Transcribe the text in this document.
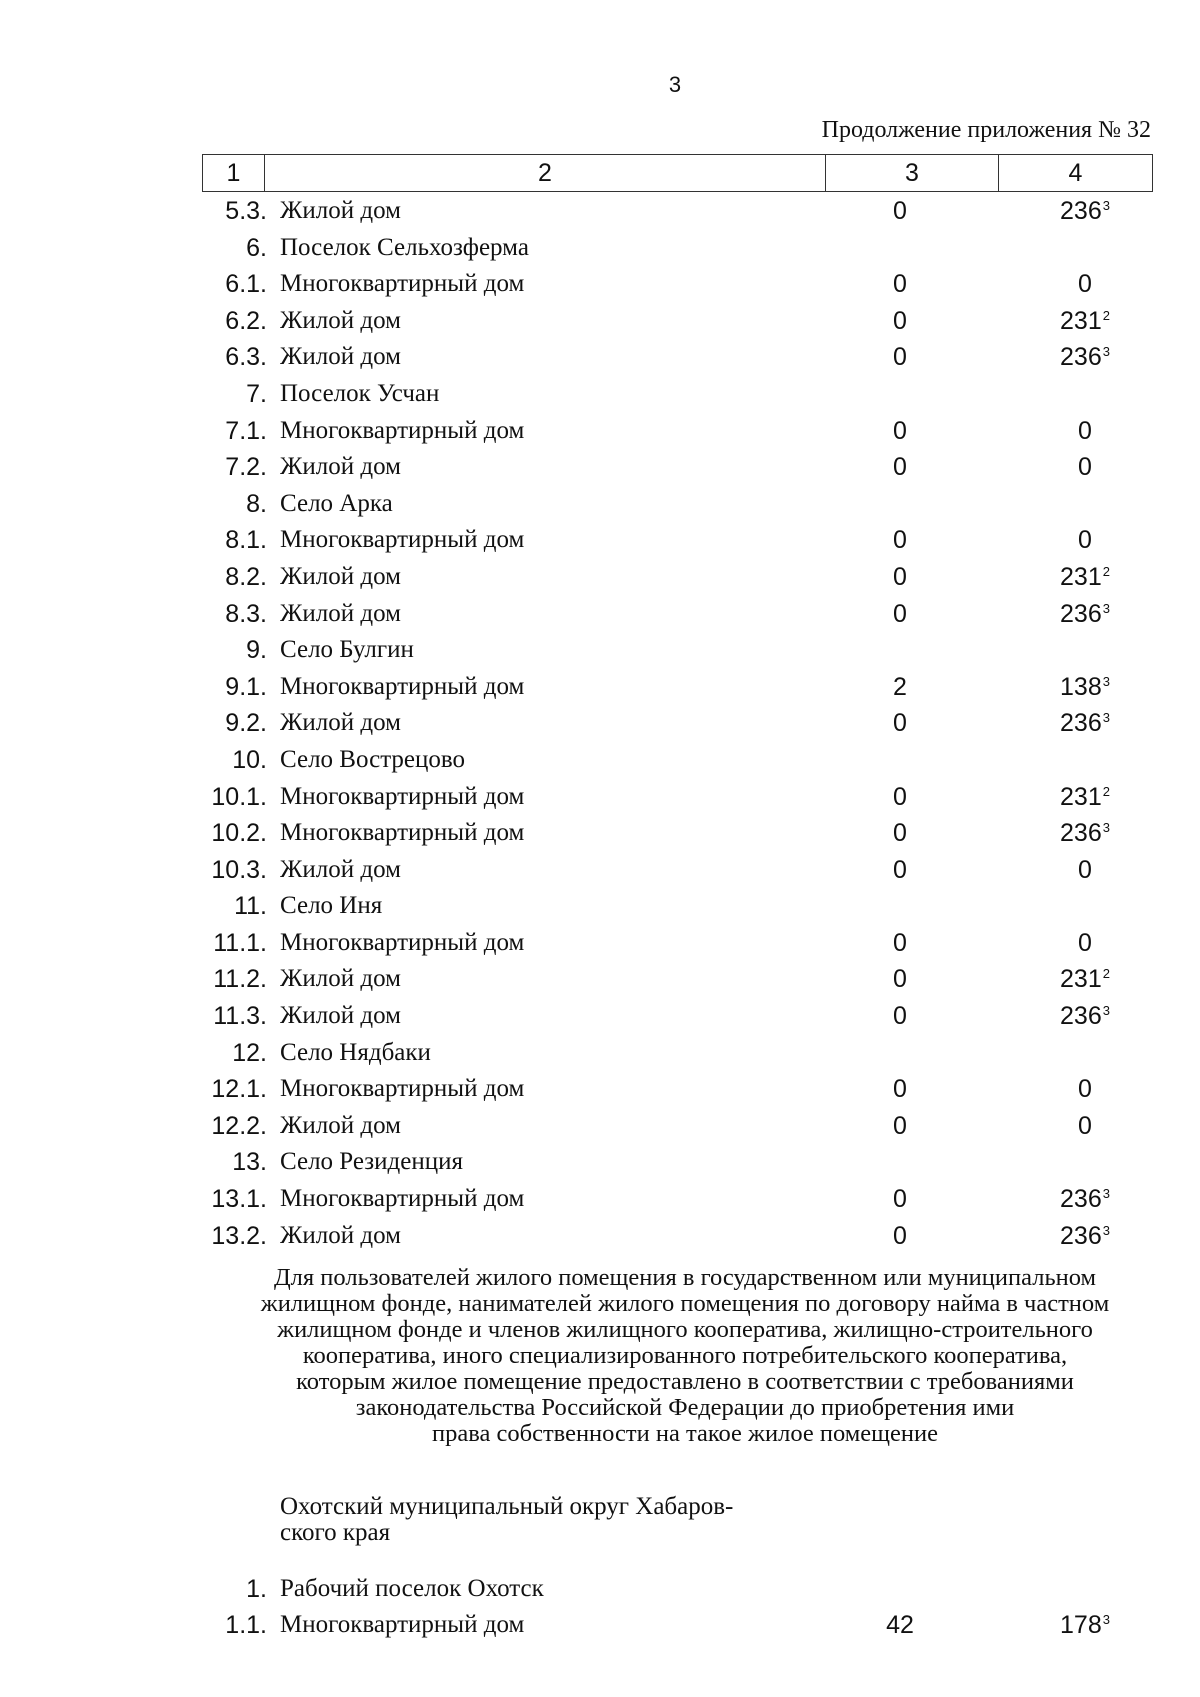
3
Продолжение приложения № 32
1	2	3	4
5.3. Жилой дом	0	$236^3$
6. Поселок Сельхозферма
6.1. Многоквартирный дом	0	0
6.2. Жилой дом	0	$231^2$
6.3. Жилой дом	0	$236^3$
7. Поселок Усчан
7.1. Многоквартирный дом	0	0
7.2. Жилой дом	0	0
8. Село Арка
8.1. Многоквартирный дом	0	0
8.2. Жилой дом	0	$231^2$
8.3. Жилой дом	0	$236^3$
9. Село Булгин
9.1. Многоквартирный дом	2	$138^3$
9.2. Жилой дом	0	$236^3$
10. Село Вострецово
10.1. Многоквартирный дом	0	$231^2$
10.2. Многоквартирный дом	0	$236^3$
10.3. Жилой дом	0	0
11. Село Иня
11.1. Многоквартирный дом	0	0
11.2. Жилой дом	0	$231^2$
11.3. Жилой дом	0	$236^3$
12. Село Нядбаки
12.1. Многоквартирный дом	0	0
12.2. Жилой дом	0	0
13. Село Резиденция
13.1. Многоквартирный дом	0	$236^3$
13.2. Жилой дом	0	$236^3$
Для пользователей жилого помещения в государственном или муниципальном
жилищном фонде, нанимателей жилого помещения по договору найма в частном
жилищном фонде и членов жилищного кооператива, жилищно-строительного
кооператива, иного специализированного потребительского кооператива,
которым жилое помещение предоставлено в соответствии с требованиями
законодательства Российской Федерации до приобретения ими
права собственности на такое жилое помещение
Охотский муниципальный округ Хабаров-
ского края
1. Рабочий поселок Охотск
1.1. Многоквартирный дом	42	$178^3$
